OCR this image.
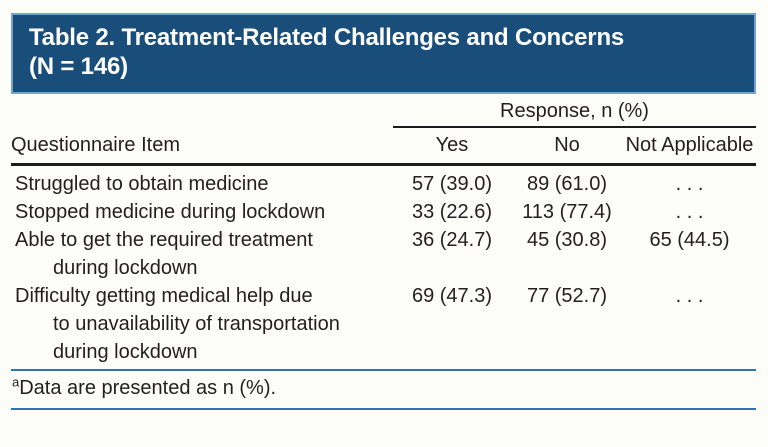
Table 2. Treatment-Related Challenges and Concerns
(N = 146)
	Response, n (%)		
Questionnaire Item	Yes	No	Not Applicable

Struggled to obtain medicine	57 (39.0)	89 (61.0)	. . .

Stopped medicine during lockdown	33 (22.6)	113 (77.4)	. . .

Able to get the required treatment
during lockdown	36 (24.7)	45 (30.8)	65 (44.5)

Difficulty getting medical help due
to unavailability of transportation
during lockdown	69 (47.3)	77 (52.7)	. . .
$^a$Data are presented as n (%).
